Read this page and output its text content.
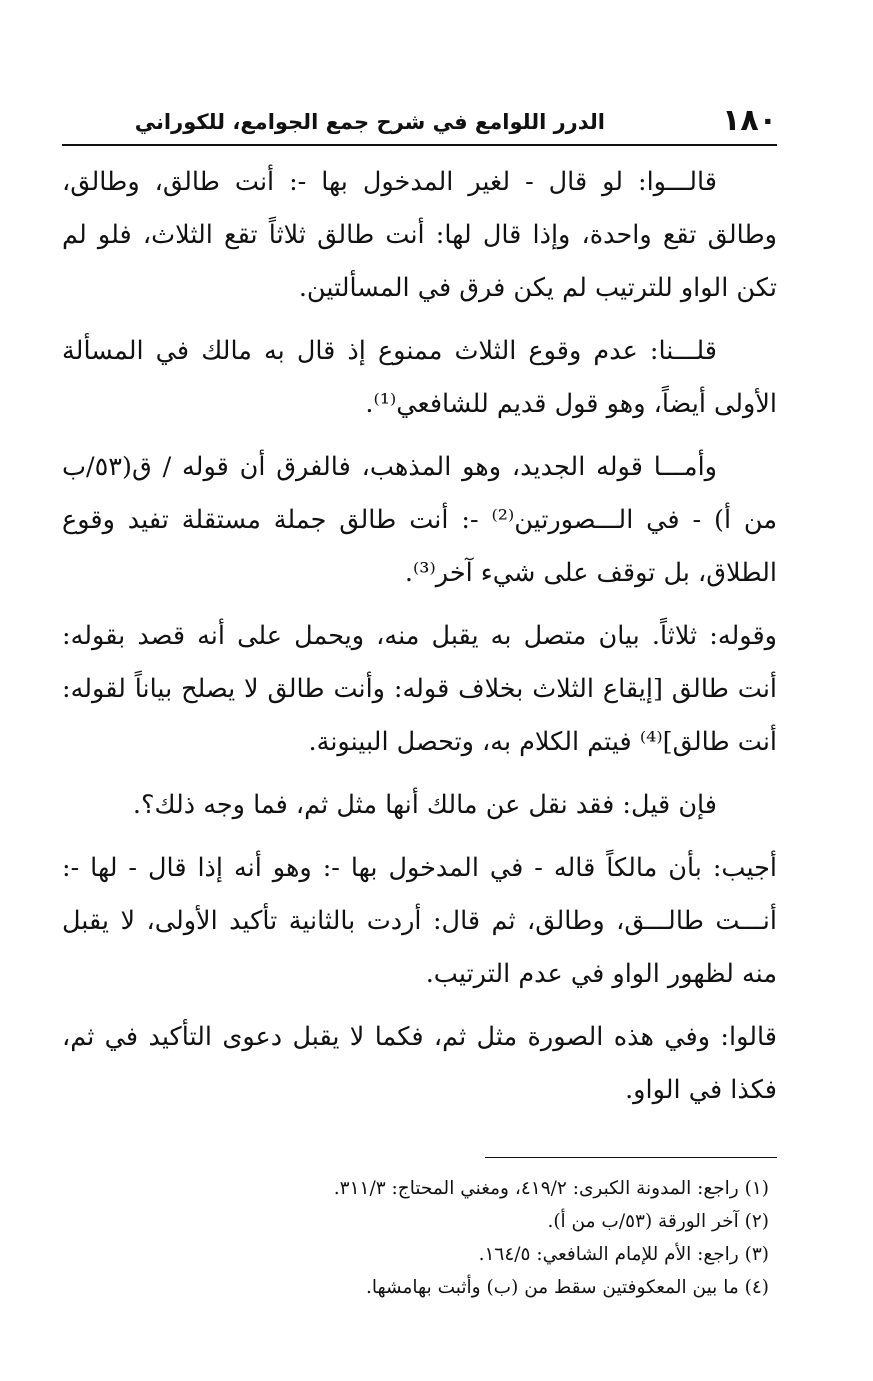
١٨٠
الدرر اللوامع في شرح جمع الجوامع، للكوراني

قالـــوا: لو قال - لغير المدخول بها -: أنت طالق، وطالق، وطالق تقع واحدة، وإذا قال لها: أنت طالق ثلاثاً تقع الثلاث، فلو لم تكن الواو للترتيب لم يكن فرق في المسألتين.

قلـــنا: عدم وقوع الثلاث ممنوع إذ قال به مالك في المسألة الأولى أيضاً، وهو قول قديم للشافعي⁽¹⁾.

وأمـــا قوله الجديد، وهو المذهب، فالفرق أن قوله / ق(٥٣/ب من أ) - في الـــصورتين⁽²⁾ -: أنت طالق جملة مستقلة تفيد وقوع الطلاق، بل توقف على شيء آخر⁽³⁾.

وقوله: ثلاثاً. بيان متصل به يقبل منه، ويحمل على أنه قصد بقوله: أنت طالق [إيقاع الثلاث بخلاف قوله: وأنت طالق لا يصلح بياناً لقوله: أنت طالق]⁽⁴⁾ فيتم الكلام به، وتحصل البينونة.

فإن قيل: فقد نقل عن مالك أنها مثل ثم، فما وجه ذلك؟.

أجيب: بأن مالكاً قاله - في المدخول بها -: وهو أنه إذا قال - لها -: أنـــت طالـــق، وطالق، ثم قال: أردت بالثانية تأكيد الأولى، لا يقبل منه لظهور الواو في عدم الترتيب.

قالوا: وفي هذه الصورة مثل ثم، فكما لا يقبل دعوى التأكيد في ثم، فكذا في الواو.

(١) راجع: المدونة الكبرى: ٤١٩/٢، ومغني المحتاج: ٣١١/٣.
(٢) آخر الورقة (٥٣/ب من أ).
(٣) راجع: الأم للإمام الشافعي: ١٦٤/٥.
(٤) ما بين المعكوفتين سقط من (ب) وأثبت بهامشها.
